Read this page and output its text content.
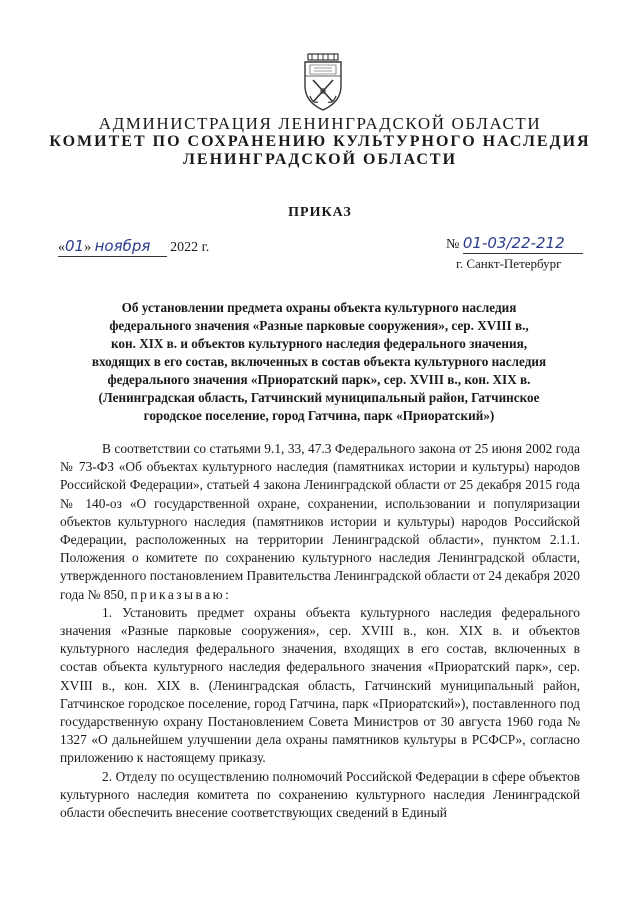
АДМИНИСТРАЦИЯ ЛЕНИНГРАДСКОЙ ОБЛАСТИ
КОМИТЕТ ПО СОХРАНЕНИЮ КУЛЬТУРНОГО НАСЛЕДИЯ
ЛЕНИНГРАДСКОЙ ОБЛАСТИ
ПРИКАЗ
«01» ноября 2022 г.	№ 01-03/22-212
г. Санкт-Петербург
Об установлении предмета охраны объекта культурного наследия
федерального значения «Разные парковые сооружения», сер. XVIII в.,
кон. XIX в. и объектов культурного наследия федерального значения,
входящих в его состав, включенных в состав объекта культурного наследия
федерального значения «Приоратский парк», сер. XVIII в., кон. XIX в.
(Ленинградская область, Гатчинский муниципальный район, Гатчинское
городское поселение, город Гатчина, парк «Приоратский»)

В соответствии со статьями 9.1, 33, 47.3 Федерального закона от 25 июня 2002 года № 73-ФЗ «Об объектах культурного наследия (памятниках истории и культуры) народов Российской Федерации», статьей 4 закона Ленинградской области от 25 декабря 2015 года № 140-оз «О государственной охране, сохранении, использовании и популяризации объектов культурного наследия (памятников истории и культуры) народов Российской Федерации, расположенных на территории Ленинградской области», пунктом 2.1.1. Положения о комитете по сохранению культурного наследия Ленинградской области, утвержденного постановлением Правительства Ленинградской области от 24 декабря 2020 года № 850, приказываю:

1. Установить предмет охраны объекта культурного наследия федерального значения «Разные парковые сооружения», сер. XVIII в., кон. XIX в. и объектов культурного наследия федерального значения, входящих в его состав, включенных в состав объекта культурного наследия федерального значения «Приоратский парк», сер. XVIII в., кон. XIX в. (Ленинградская область, Гатчинский муниципальный район, Гатчинское городское поселение, город Гатчина, парк «Приоратский»), поставленного под государственную охрану Постановлением Совета Министров от 30 августа 1960 года № 1327 «О дальнейшем улучшении дела охраны памятников культуры в РСФСР», согласно приложению к настоящему приказу.

2. Отделу по осуществлению полномочий Российской Федерации в сфере объектов культурного наследия комитета по сохранению культурного наследия Ленинградской области обеспечить внесение соответствующих сведений в Единый
